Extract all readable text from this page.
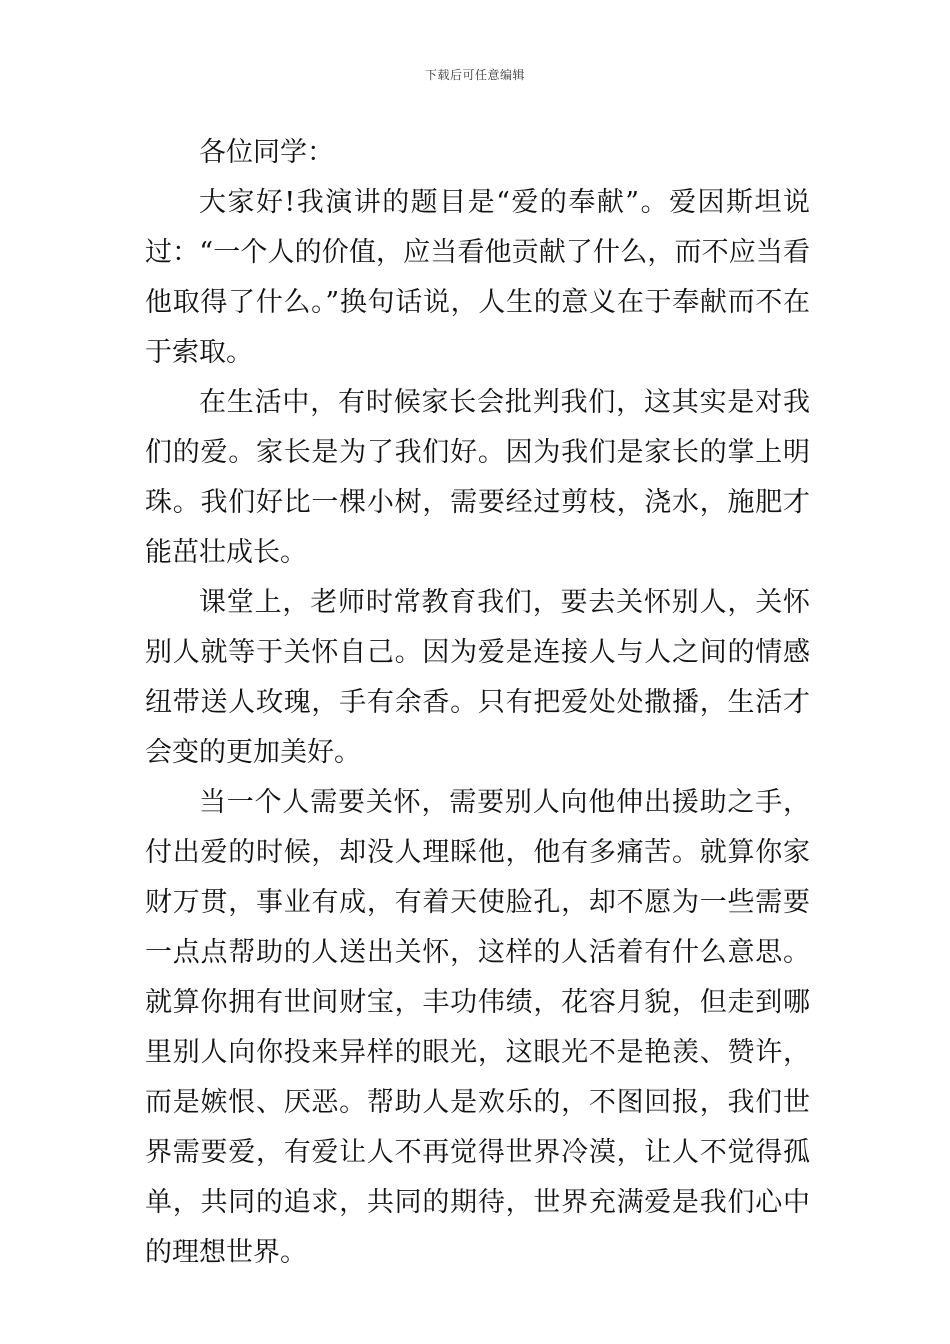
下载后可任意编辑

各位同学：

大家好!我演讲的题目是“爱的奉献”。爱因斯坦说过：“一个人的价值，应当看他贡献了什么，而不应当看他取得了什么。”换句话说，人生的意义在于奉献而不在于索取。

在生活中，有时候家长会批判我们，这其实是对我们的爱。家长是为了我们好。因为我们是家长的掌上明珠。我们好比一棵小树，需要经过剪枝，浇水，施肥才能茁壮成长。

课堂上，老师时常教育我们，要去关怀别人，关怀别人就等于关怀自己。因为爱是连接人与人之间的情感纽带送人玫瑰，手有余香。只有把爱处处撒播，生活才会变的更加美好。

当一个人需要关怀，需要别人向他伸出援助之手，付出爱的时候，却没人理睬他，他有多痛苦。就算你家财万贯，事业有成，有着天使脸孔，却不愿为一些需要一点点帮助的人送出关怀，这样的人活着有什么意思。就算你拥有世间财宝，丰功伟绩，花容月貌，但走到哪里别人向你投来异样的眼光，这眼光不是艳羡、赞许，而是嫉恨、厌恶。帮助人是欢乐的，不图回报，我们世界需要爱，有爱让人不再觉得世界冷漠，让人不觉得孤单，共同的追求，共同的期待，世界充满爱是我们心中的理想世界。
